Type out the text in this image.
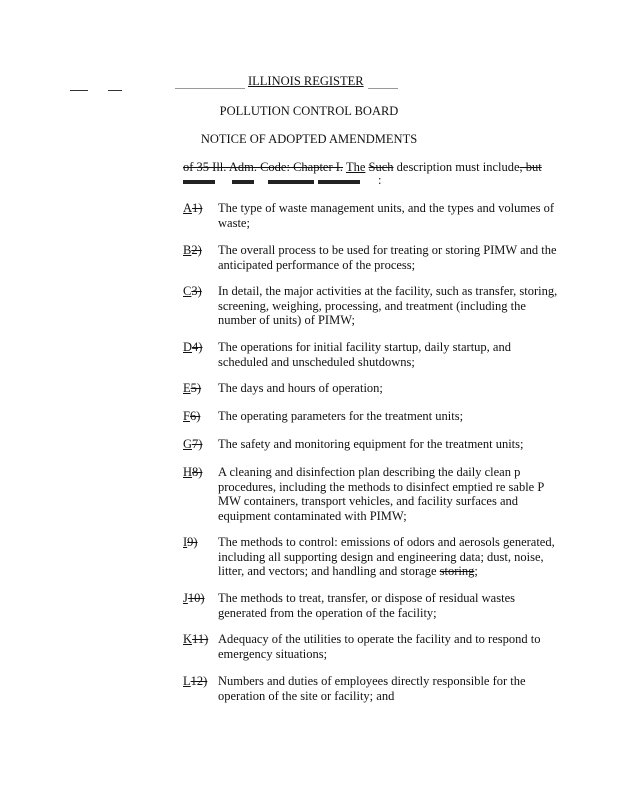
ILLINOIS REGISTER
POLLUTION CONTROL BOARD
NOTICE OF ADOPTED AMENDMENTS
of 35 Ill. Adm. Code: Chapter I. The Such description must include, but
:
A1)	The type of waste management units, and the types and volumes of waste;
B2)	The overall process to be used for treating or storing PIMW and the anticipated performance of the process;
C3)	In detail, the major activities at the facility, such as transfer, storing, screening, weighing, processing, and treatment (including the number of units) of PIMW;
D4)	The operations for initial facility startup, daily startup, and scheduled and unscheduled shutdowns;
E5)	The days and hours of operation;
F6)	The operating parameters for the treatment units;
G7)	The safety and monitoring equipment for the treatment units;
H8)	A cleaning and disinfection plan describing the daily clean p procedures, including the methods to disinfect emptied re sable P MW containers, transport vehicles, and facility surfaces and equipment contaminated with PIMW;
I9)	The methods to control: emissions of odors and aerosols generated, including all supporting design and engineering data; dust, noise, litter, and vectors; and handling and storage storing;
J10)	The methods to treat, transfer, or dispose of residual wastes generated from the operation of the facility;
K11) Adequacy of the utilities to operate the facility and to respond to emergency situations;
L12) Numbers and duties of employees directly responsible for the operation of the site or facility; and
